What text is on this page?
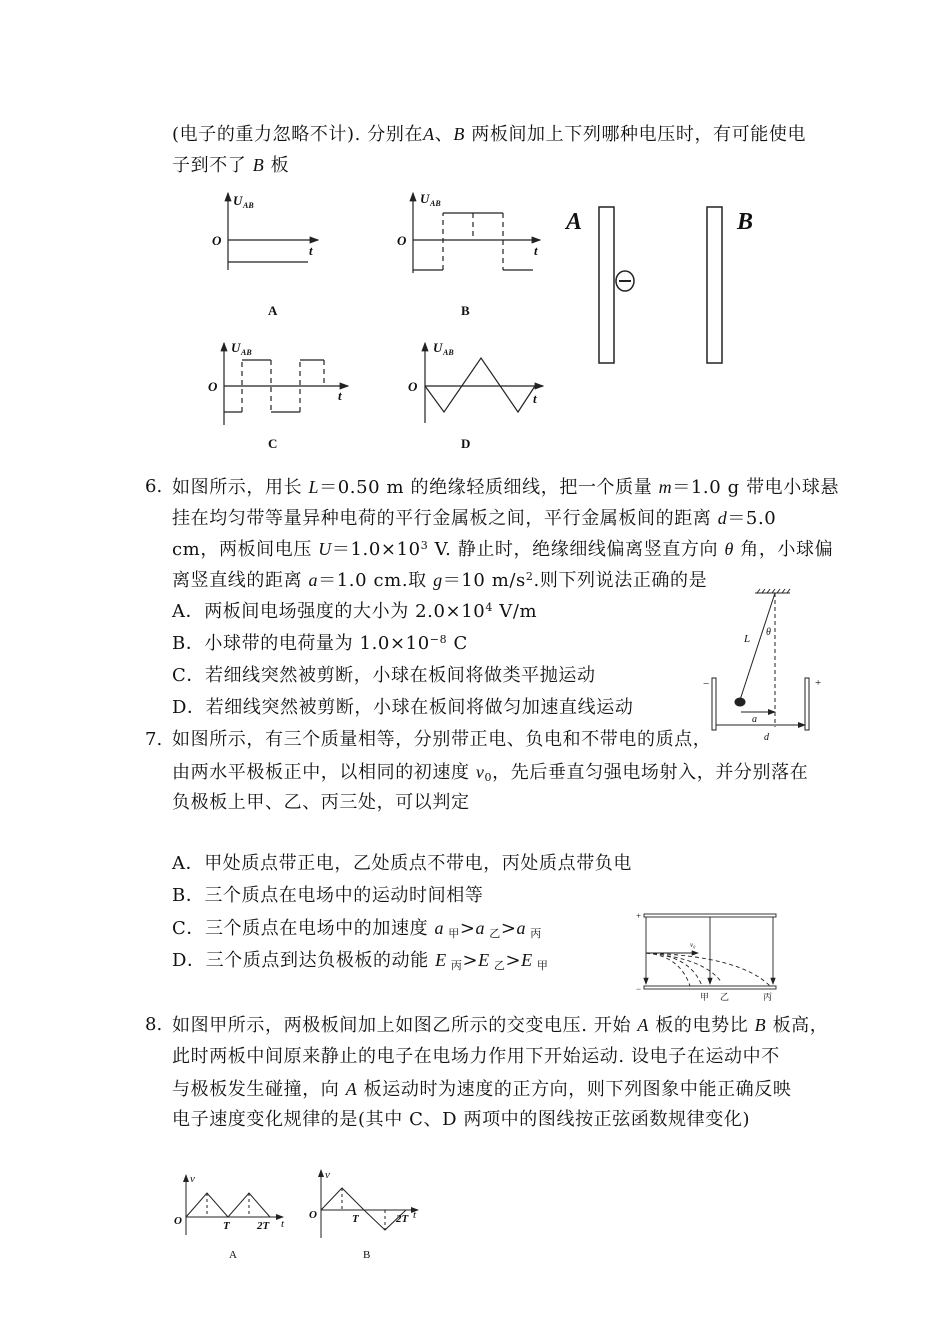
(电子的重力忽略不计). 分别在A、B 两板间加上下列哪种电压时，有可能使电
子到不了 B 板
6. 如图所示，用长 L＝0.50 m 的绝缘轻质细线，把一个质量 m＝1.0 g 带电小球悬
挂在均匀带等量异种电荷的平行金属板之间，平行金属板间的距离 d＝5.0
cm，两板间电压 $U=1.0\times 10^3$ V. 静止时，绝缘细线偏离竖直方向 θ 角，小球偏
离竖直线的距离 a＝1.0 cm.取 g＝10 $m/s^2$.则下列说法正确的是
A．两板间电场强度的大小为 $2.0\times 10^4$ V/m
B．小球带的电荷量为 $1.0\times 10^{-8}$ C
C．若细线突然被剪断，小球在板间将做类平抛运动
D．若细线突然被剪断，小球在板间将做匀加速直线运动
7. 如图所示，有三个质量相等，分别带正电、负电和不带电的质点，
由两水平极板正中，以相同的初速度 $v_0$，先后垂直匀强电场射入，并分别落在
负极板上甲、乙、丙三处，可以判定
A．甲处质点带正电，乙处质点不带电，丙处质点带负电
B．三个质点在电场中的运动时间相等
C．三个质点在电场中的加速度 a $_甲$>a $_乙$>a $_丙$
D．三个质点到达负极板的动能 E $_丙$>E $_乙$>E $_甲$
8. 如图甲所示，两极板间加上如图乙所示的交变电压. 开始 A 板的电势比 B 板高，
此时两板中间原来静止的电子在电场力作用下开始运动. 设电子在运动中不
与极板发生碰撞，向 A 板运动时为速度的正方向，则下列图象中能正确反映
电子速度变化规律的是(其中 C、D 两项中的图线按正弦函数规律变化)
U AB
O
t
A
U AB
O
t
B
U AB
O
t
C
U AB
O
t
D
A	B
L
θ
a
d
−	+
v₀
+
−
甲 乙	丙
v
O	T 2T t
A
v
O	T	2T t
B
